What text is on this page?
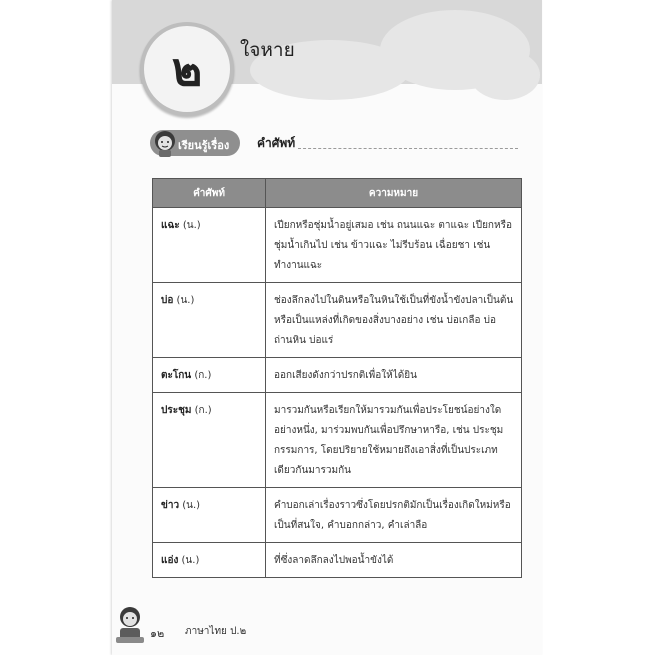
๒ ใจหาย
เรียนรู้เรื่อง คำศัพท์
คำศัพท์	ความหมาย
แฉะ (น.)	เปียกหรือชุ่มน้ำอยู่เสมอ เช่น ถนนแฉะ ตาแฉะ เปียกหรือชุ่มน้ำเกินไป เช่น ข้าวแฉะ ไม่รีบร้อน เฉื่อยชา เช่น ทำงานแฉะ
บ่อ (น.)	ช่องลึกลงไปในดินหรือในหินใช้เป็นที่ขังน้ำขังปลาเป็นต้น หรือเป็นแหล่งที่เกิดของสิ่งบางอย่าง เช่น บ่อเกลือ บ่อถ่านหิน บ่อแร่
ตะโกน (ก.)	ออกเสียงดังกว่าปรกติเพื่อให้ได้ยิน
ประชุม (ก.)	มารวมกันหรือเรียกให้มารวมกันเพื่อประโยชน์อย่างใดอย่างหนึ่ง, มาร่วมพบกันเพื่อปรึกษาหารือ, เช่น ประชุมกรรมการ, โดยปริยายใช้หมายถึงเอาสิ่งที่เป็นประเภทเดียวกันมารวมกัน
ข่าว (น.)	คำบอกเล่าเรื่องราวซึ่งโดยปรกติมักเป็นเรื่องเกิดใหม่หรือเป็นที่สนใจ, คำบอกกล่าว, คำเล่าลือ
แอ่ง (น.)	ที่ซึ่งลาดลึกลงไปพอน้ำขังได้
๑๒ ภาษาไทย ป.๒
